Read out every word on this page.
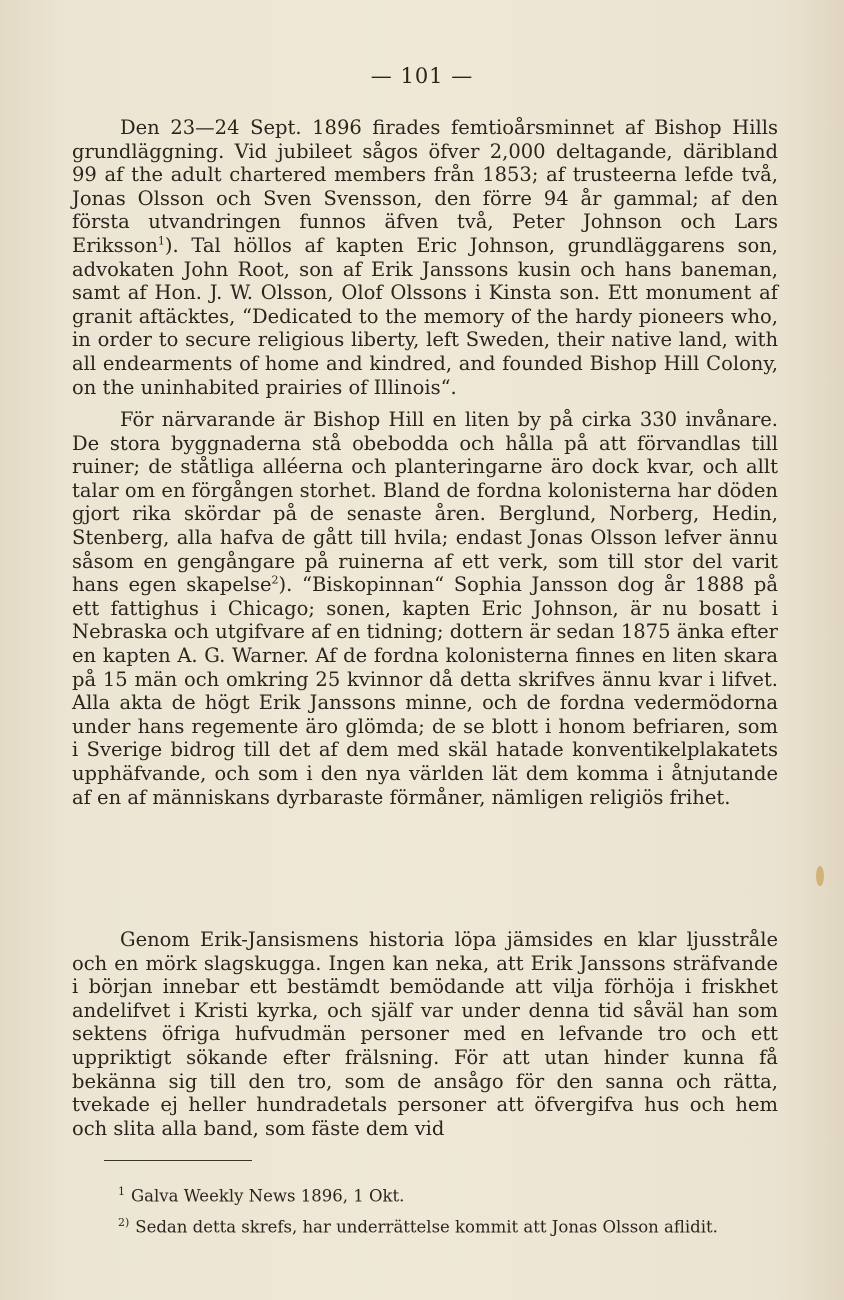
— 101 —

Den 23—24 Sept. 1896 firades femtioårsminnet af Bishop Hills grundläggning. Vid jubileet sågos öfver 2,000 deltagande, däribland 99 af the adult chartered members från 1853; af trusteerna lefde två, Jonas Olsson och Sven Svensson, den förre 94 år gammal; af den första utvandringen funnos äfven två, Peter Johnson och Lars Eriksson$^1$). Tal höllos af kapten Eric Johnson, grundläggarens son, advokaten John Root, son af Erik Janssons kusin och hans baneman, samt af Hon. J. W. Olsson, Olof Olssons i Kinsta son. Ett monument af granit aftäcktes, “Dedicated to the memory of the hardy pioneers who, in order to secure religious liberty, left Sweden, their native land, with all endearments of home and kindred, and founded Bishop Hill Colony, on the uninhabited prairies of Illinois“.

För närvarande är Bishop Hill en liten by på cirka 330 invånare. De stora byggnaderna stå obebodda och hålla på att förvandlas till ruiner; de ståtliga alléerna och planteringarne äro dock kvar, och allt talar om en förgången storhet. Bland de fordna kolonisterna har döden gjort rika skördar på de senaste åren. Berglund, Norberg, Hedin, Stenberg, alla hafva de gått till hvila; endast Jonas Olsson lefver ännu såsom en gengångare på ruinerna af ett verk, som till stor del varit hans egen skapelse$^2$). “Biskopinnan“ Sophia Jansson dog år 1888 på ett fattighus i Chicago; sonen, kapten Eric Johnson, är nu bosatt i Nebraska och utgifvare af en tidning; dottern är sedan 1875 änka efter en kapten A. G. Warner. Af de fordna kolonisterna finnes en liten skara på 15 män och omkring 25 kvinnor då detta skrifves ännu kvar i lifvet. Alla akta de högt Erik Janssons minne, och de fordna vedermödorna under hans regemente äro glömda; de se blott i honom befriaren, som i Sverige bidrog till det af dem med skäl hatade konventikelplakatets upphäfvande, och som i den nya världen lät dem komma i åtnjutande af en af människans dyrbaraste förmåner, nämligen religiös frihet.

Genom Erik-Jansismens historia löpa jämsides en klar ljusstråle och en mörk slagskugga. Ingen kan neka, att Erik Janssons sträfvande i början innebar ett bestämdt bemödande att vilja förhöja i friskhet andelifvet i Kristi kyrka, och själf var under denna tid såväl han som sektens öfriga hufvudmän personer med en lefvande tro och ett uppriktigt sökande efter frälsning. För att utan hinder kunna få bekänna sig till den tro, som de ansågo för den sanna och rätta, tvekade ej heller hundradetals personer att öfvergifva hus och hem och slita alla band, som fäste dem vid

$^1$ Galva Weekly News 1896, 1 Okt.
$^{2)}$ Sedan detta skrefs, har underrättelse kommit att Jonas Olsson aflidit.
